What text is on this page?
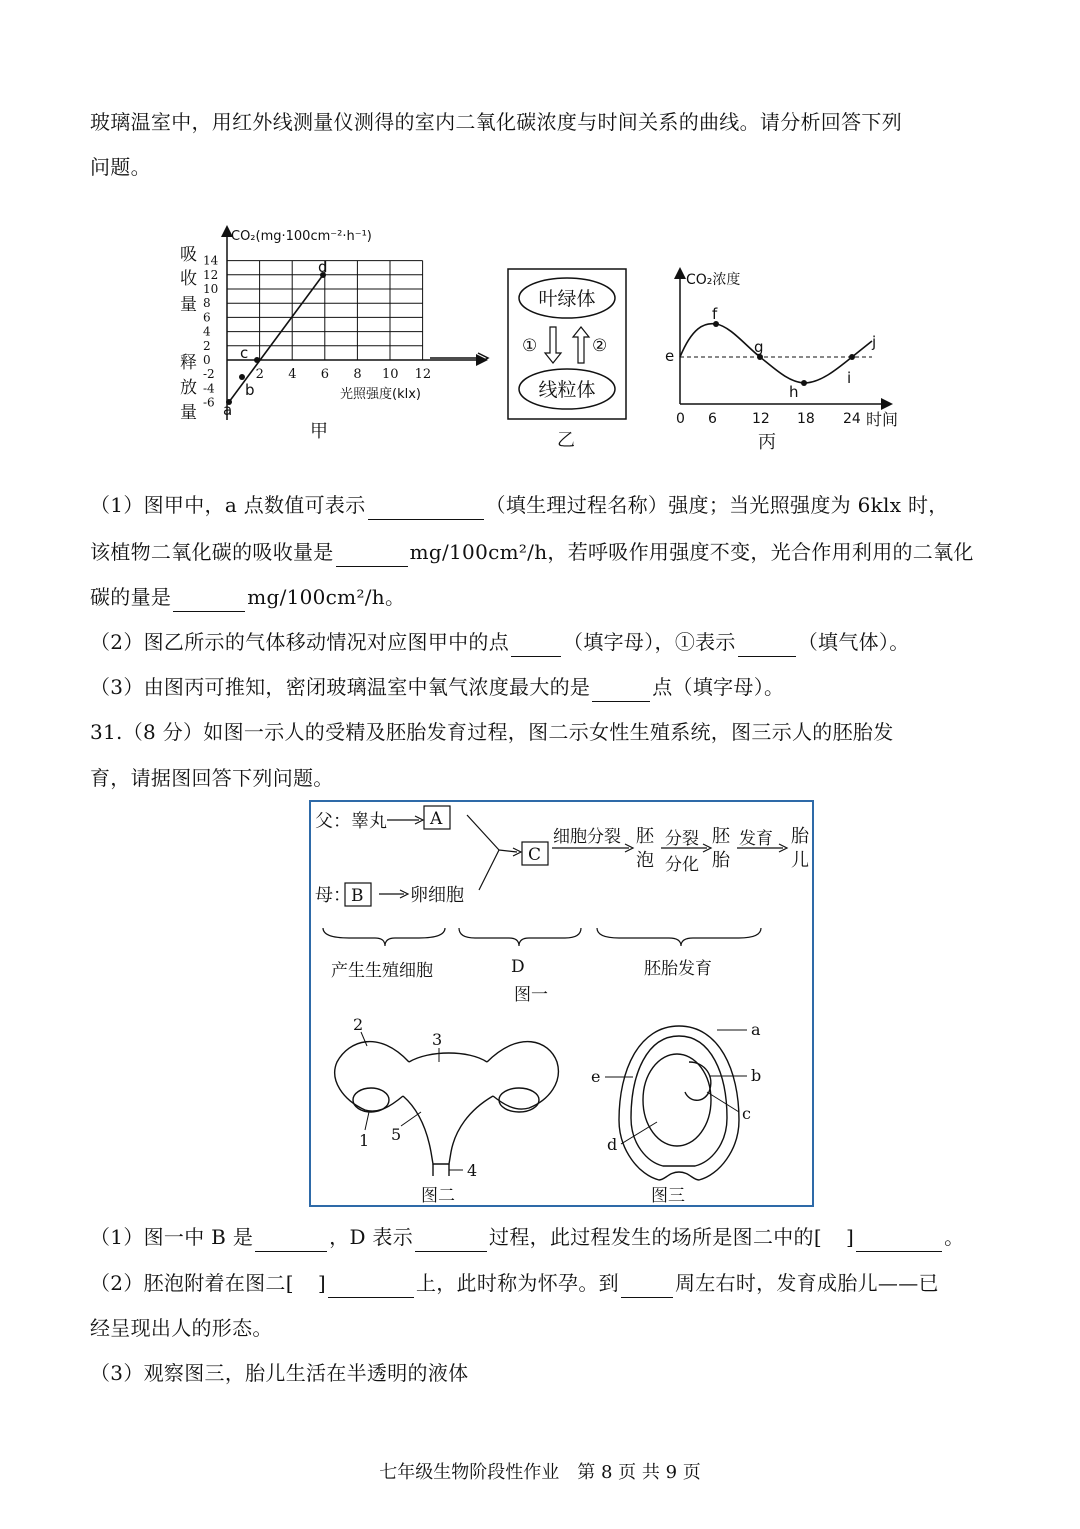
玻璃温室中，用红外线测量仪测得的室内二氧化碳浓度与时间关系的曲线。请分析回答下列
问题。
14
12
10
8
6
4
2
0
-2
-4
-6
2 4 6 8 10 12
a
b
c
d
CO₂(mg·100cm⁻²·h⁻¹)
光照强度(klx)
吸
收
量
释
放
量
甲
叶绿体
线粒体
①	②
乙
CO₂浓度
e
f
g
h
i
j
0 6	12 18 24 时间
丙
（1）图甲中，a 点数值可表示	（填生理过程名称）强度；当光照强度为 6klx 时，
该植物二氧化碳的吸收量是	mg/100cm²/h，若呼吸作用强度不变，光合作用利用的二氧化
碳的量是	mg/100cm²/h。
（2）图乙所示的气体移动情况对应图甲中的点	（填字母），①表示	（填气体）。
（3）由图丙可推知，密闭玻璃温室中氧气浓度最大的是	点（填字母）。
31.（8 分）如图一示人的受精及胚胎发育过程，图二示女性生殖系统，图三示人的胚胎发
育，请据图回答下列问题。
父：睾丸	A
母： B	卵细胞
C
细胞分裂 胚
泡
分裂
分化
胚
胎
发育 胎
儿
产生生殖细胞	D	胚胎发育
图一
2
3
1 5
4
图二
a
b
c
d
e
图三
（1）图一中 B 是	，D 表示	过程，此过程发生的场所是图二中的[ ]	。
（2）胚泡附着在图二[ ]	上，此时称为怀孕。到	周左右时，发育成胎儿——已
经呈现出人的形态。
（3）观察图三，胎儿生活在半透明的液体
七年级生物阶段性作业　第 8 页 共 9 页
